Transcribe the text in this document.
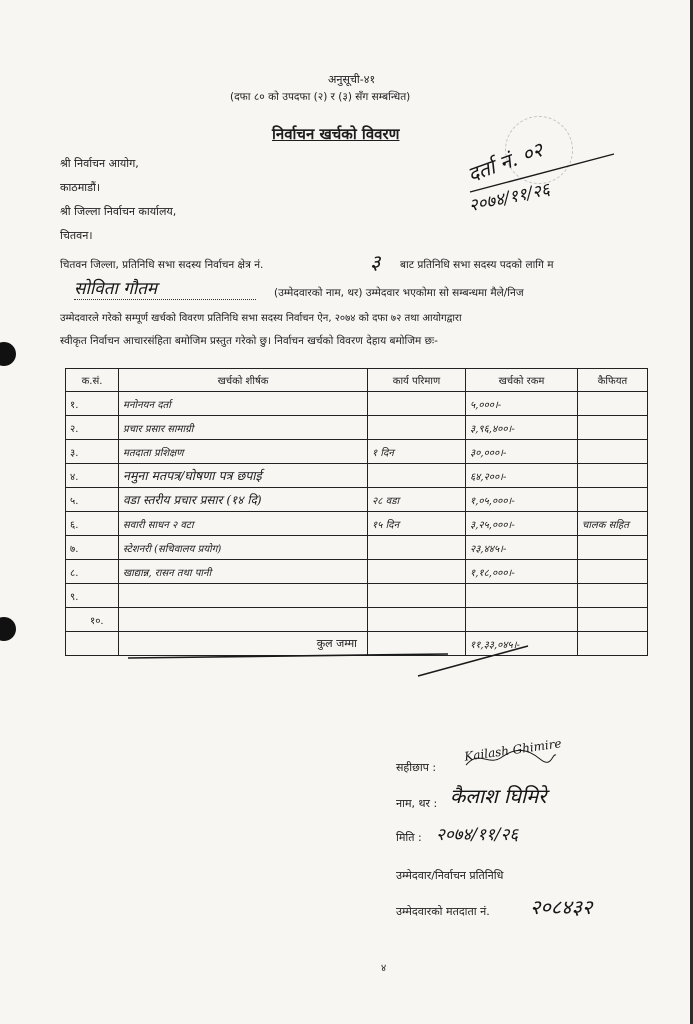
अनुसूची-४१
(दफा ८० को उपदफा (२) र (३) सँग सम्बन्धित)
निर्वाचन खर्चको विवरण
दर्ता नं. ०२
२०७४/११/२६
श्री निर्वाचन आयोग,
काठमाडौं।
श्री जिल्ला निर्वाचन कार्यालय,
चितवन।
चितवन जिल्ला, प्रतिनिधि सभा सदस्य निर्वाचन क्षेत्र नं.	३ बाट प्रतिनिधि सभा सदस्य पदको लागि म
सोविता गौतम	(उम्मेदवारको नाम, थर) उम्मेदवार भएकोमा सो सम्बन्धमा मैले/निज
उम्मेदवारले गरेको सम्पूर्ण खर्चको विवरण प्रतिनिधि सभा सदस्य निर्वाचन ऐन, २०७४ को दफा ७२ तथा आयोगद्वारा
स्वीकृत निर्वाचन आचारसंहिता बमोजिम प्रस्तुत गरेको छु। निर्वाचन खर्चको विवरण देहाय बमोजिम छः-
क.सं.	खर्चको शीर्षक	कार्य परिमाण	खर्चको रकम	कैफियत
१.	मनोनयन दर्ता		५,०००।-	
२.	प्रचार प्रसार सामाग्री		३,९६,४००।-	
३.	मतदाता प्रशिक्षण	१ दिन	३०,०००।-	
४.	नमुना मतपत्र/घोषणा पत्र छपाई		६४,२००।-	
५.	वडा स्तरीय प्रचार प्रसार (१४ दि)	२८ वडा	१,०५,०००।-	
६.	सवारी साधन २ वटा	१५ दिन	३,२५,०००।-	चालक सहित
७.	स्टेशनरी (सचिवालय प्रयोग)		२३,४४५।-	
८.	खाद्यान्न, रासन तथा पानी		१,१८,०००।-	
९.				
१०.				
	कुल जम्मा		११,३३,०४५।-	
सहीछाप :
Kailash Ghimire
नाम, थर : कैलाश घिमिरे
मिति : २०७४/११/२६
उम्मेदवार/निर्वाचन प्रतिनिधि
उम्मेदवारको मतदाता नं. २०८४३२
४
